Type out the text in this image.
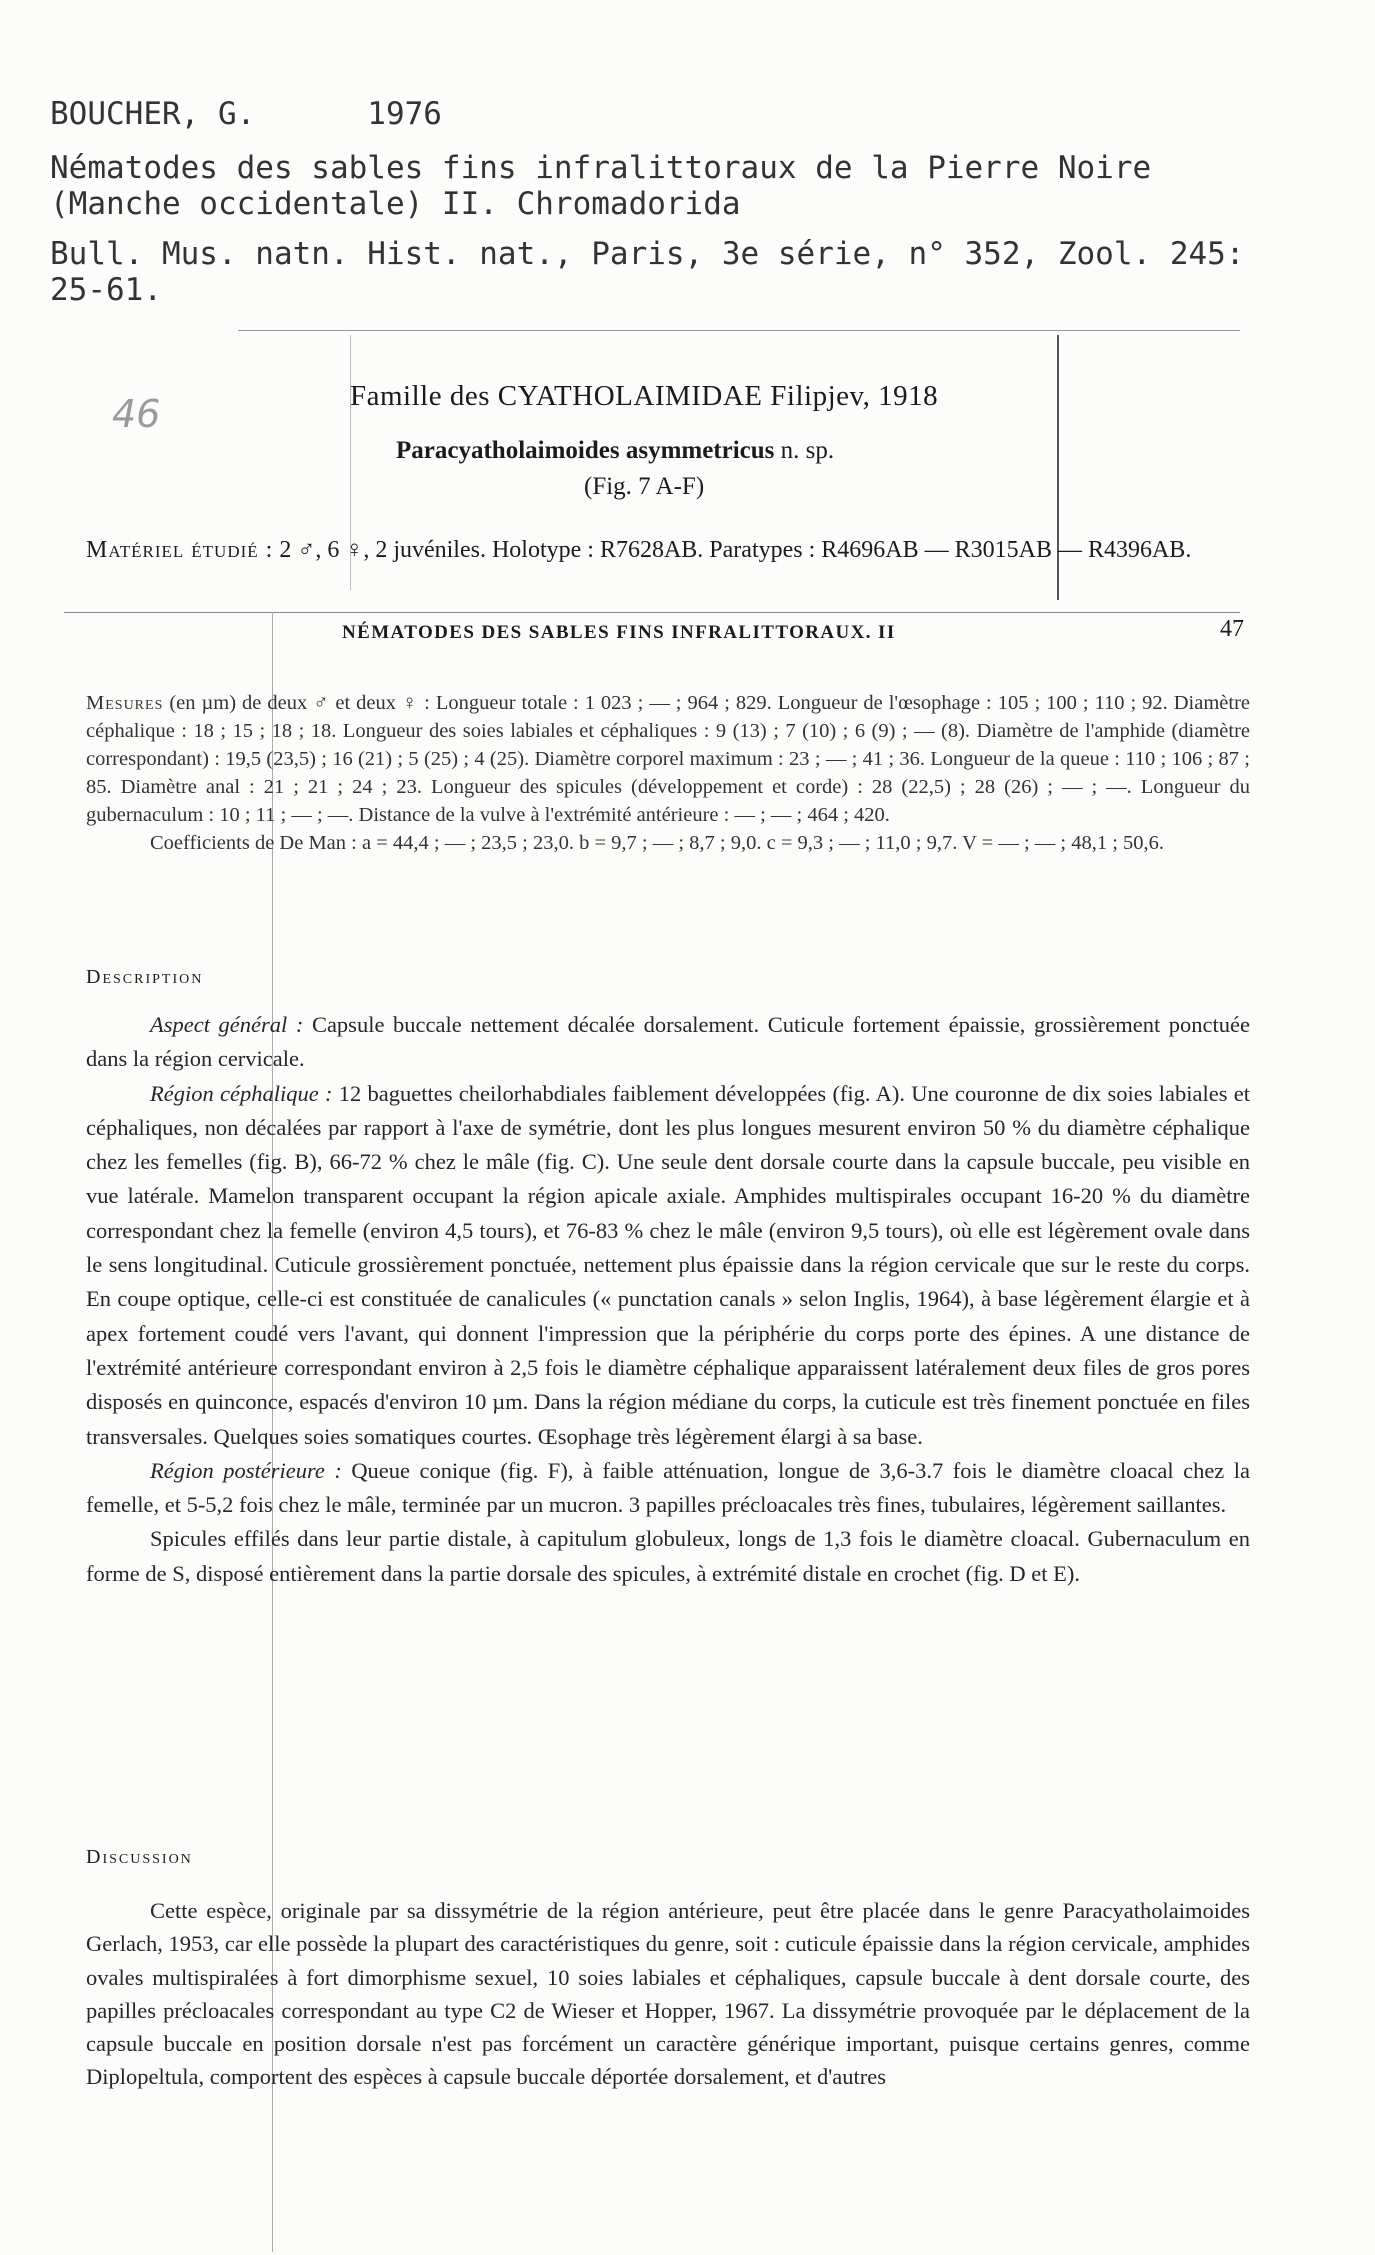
BOUCHER, G.	1976
Nématodes des sables fins infralittoraux de la Pierre Noire
(Manche occidentale) II. Chromadorida
Bull. Mus. natn. Hist. nat., Paris, 3e série, n° 352, Zool. 245:
25-61.
46	Famille des CYATHOLAIMIDAE Filipjev, 1918
Paracyatholaimoides asymmetricus n. sp.
(Fig. 7 A-F)
Matériel étudié : 2 ♂, 6 ♀, 2 juvéniles. Holotype : R7628AB. Paratypes : R4696AB — R3015AB — R4396AB.
NÉMATODES DES SABLES FINS INFRALITTORAUX. II	47

Mesures (en µm) de deux ♂ et deux ♀ : Longueur totale : 1 023 ; — ; 964 ; 829. Longueur de l'œsophage : 105 ; 100 ; 110 ; 92. Diamètre céphalique : 18 ; 15 ; 18 ; 18. Longueur des soies labiales et céphaliques : 9 (13) ; 7 (10) ; 6 (9) ; — (8). Diamètre de l'amphide (diamètre correspondant) : 19,5 (23,5) ; 16 (21) ; 5 (25) ; 4 (25). Diamètre corporel maximum : 23 ; — ; 41 ; 36. Longueur de la queue : 110 ; 106 ; 87 ; 85. Diamètre anal : 21 ; 21 ; 24 ; 23. Longueur des spicules (développement et corde) : 28 (22,5) ; 28 (26) ; — ; —. Longueur du gubernaculum : 10 ; 11 ; — ; —. Distance de la vulve à l'extrémité antérieure : — ; — ; 464 ; 420.

Coefficients de De Man : a = 44,4 ; — ; 23,5 ; 23,0. b = 9,7 ; — ; 8,7 ; 9,0. c = 9,3 ; — ; 11,0 ; 9,7. V = — ; — ; 48,1 ; 50,6.

Description

Aspect général : Capsule buccale nettement décalée dorsalement. Cuticule fortement épaissie, grossièrement ponctuée dans la région cervicale.

Région céphalique : 12 baguettes cheilorhabdiales faiblement développées (fig. A). Une couronne de dix soies labiales et céphaliques, non décalées par rapport à l'axe de symétrie, dont les plus longues mesurent environ 50 % du diamètre céphalique chez les femelles (fig. B), 66-72 % chez le mâle (fig. C). Une seule dent dorsale courte dans la capsule buccale, peu visible en vue latérale. Mamelon transparent occupant la région apicale axiale. Amphides multispirales occupant 16-20 % du diamètre correspondant chez la femelle (environ 4,5 tours), et 76-83 % chez le mâle (environ 9,5 tours), où elle est légèrement ovale dans le sens longitudinal. Cuticule grossièrement ponctuée, nettement plus épaissie dans la région cervicale que sur le reste du corps. En coupe optique, celle-ci est constituée de canalicules (« punctation canals » selon Inglis, 1964), à base légèrement élargie et à apex fortement coudé vers l'avant, qui donnent l'impression que la périphérie du corps porte des épines. A une distance de l'extrémité antérieure correspondant environ à 2,5 fois le diamètre céphalique apparaissent latéralement deux files de gros pores disposés en quinconce, espacés d'environ 10 µm. Dans la région médiane du corps, la cuticule est très finement ponctuée en files transversales. Quelques soies somatiques courtes. Œsophage très légèrement élargi à sa base.

Région postérieure : Queue conique (fig. F), à faible atténuation, longue de 3,6-3.7 fois le diamètre cloacal chez la femelle, et 5-5,2 fois chez le mâle, terminée par un mucron. 3 papilles précloacales très fines, tubulaires, légèrement saillantes.

Spicules effilés dans leur partie distale, à capitulum globuleux, longs de 1,3 fois le diamètre cloacal. Gubernaculum en forme de S, disposé entièrement dans la partie dorsale des spicules, à extrémité distale en crochet (fig. D et E).

Discussion

Cette espèce, originale par sa dissymétrie de la région antérieure, peut être placée dans le genre Paracyatholaimoides Gerlach, 1953, car elle possède la plupart des caractéristiques du genre, soit : cuticule épaissie dans la région cervicale, amphides ovales multispiralées à fort dimorphisme sexuel, 10 soies labiales et céphaliques, capsule buccale à dent dorsale courte, des papilles précloacales correspondant au type C2 de Wieser et Hopper, 1967. La dissymétrie provoquée par le déplacement de la capsule buccale en position dorsale n'est pas forcément un caractère générique important, puisque certains genres, comme Diplopeltula, comportent des espèces à capsule buccale déportée dorsalement, et d'autres
